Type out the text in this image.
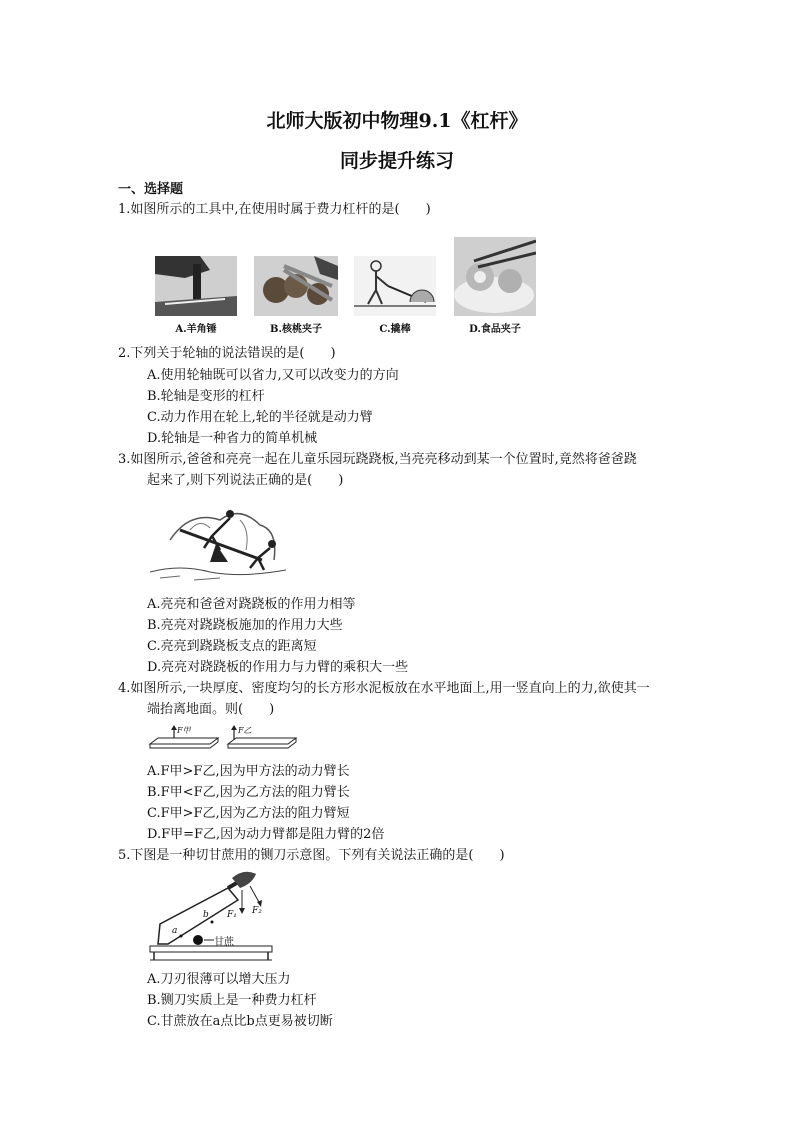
北师大版初中物理9.1《杠杆》
同步提升练习
一、选择题
1.如图所示的工具中,在使用时属于费力杠杆的是(　　)
A.羊角锤	B.核桃夹子	C.撬棒	D.食品夹子
2.下列关于轮轴的说法错误的是(　　)
A.使用轮轴既可以省力,又可以改变力的方向
B.轮轴是变形的杠杆
C.动力作用在轮上,轮的半径就是动力臂
D.轮轴是一种省力的简单机械
3.如图所示,爸爸和亮亮一起在儿童乐园玩跷跷板,当亮亮移动到某一个位置时,竟然将爸爸跷
起来了,则下列说法正确的是(　　)
A.亮亮和爸爸对跷跷板的作用力相等
B.亮亮对跷跷板施加的作用力大些
C.亮亮到跷跷板支点的距离短
D.亮亮对跷跷板的作用力与力臂的乘积大一些
4.如图所示,一块厚度、密度均匀的长方形水泥板放在水平地面上,用一竖直向上的力,欲使其一
端抬离地面。则(　　)
F甲	F乙
A.F甲>F乙,因为甲方法的动力臂长
B.F甲<F乙,因为乙方法的阻力臂长
C.F甲>F乙,因为乙方法的阻力臂短
D.F甲=F乙,因为动力臂都是阻力臂的2倍
5.下图是一种切甘蔗用的铡刀示意图。下列有关说法正确的是(　　)
a
b F₁ F₂
甘蔗
A.刀刃很薄可以增大压力
B.铡刀实质上是一种费力杠杆
C.甘蔗放在a点比b点更易被切断
